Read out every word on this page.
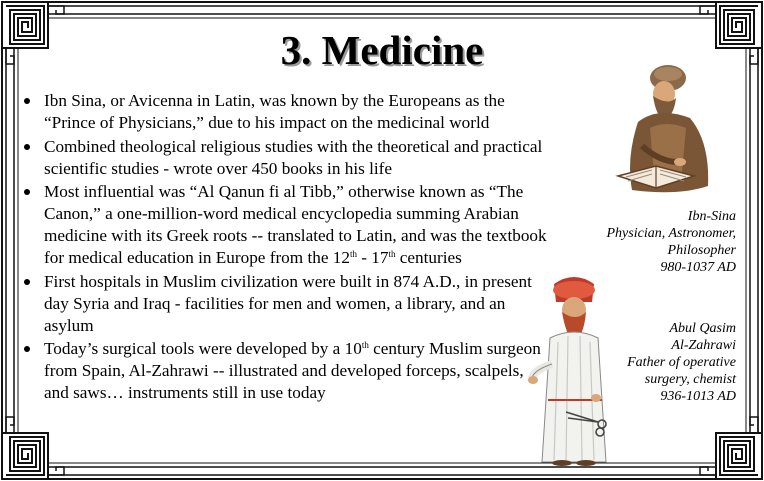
3. Medicine
Ibn Sina, or Avicenna in Latin, was known by the Europeans as the “Prince of Physicians,” due to his impact on the medicinal world
Combined theological religious studies with the theoretical and practical scientific studies - wrote over 450 books in his life
Most influential was “Al Qanun fi al Tibb,” otherwise known as “The Canon,” a one-million-word medical encyclopedia summing Arabian medicine with its Greek roots -- translated to Latin, and was the textbook for medical education in Europe from the 12th - 17th centuries
First hospitals in Muslim civilization were built in 874 A.D., in present day Syria and Iraq - facilities for men and women, a library, and an asylum
Today’s surgical tools were developed by a 10th century Muslim surgeon from Spain, Al-Zahrawi -- illustrated and developed forceps, scalpels, and saws… instruments still in use today
Ibn-Sina
Physician, Astronomer,
Philosopher
980-1037 AD
Abul Qasim
Al-Zahrawi
Father of operative
surgery, chemist
936-1013 AD
